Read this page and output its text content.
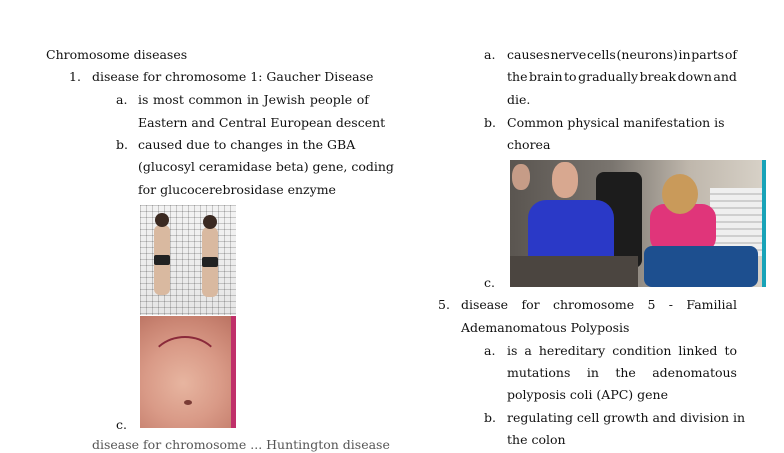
Chromosome diseases
1. disease for chromosome 1: Gaucher Disease
a. is most common in Jewish people of
Eastern and Central European descent
b. caused due to changes in the GBA
(glucosyl ceramidase beta) gene, coding
for glucocerebrosidase enzyme
c.
disease for chromosome ... Huntington disease
a. causes nerve cells (neurons) in parts of
the brain to gradually break down and
die.
b. Common physical manifestation is
chorea
c.
5. disease for chromosome 5 - Familial
Ademanomatous Polyposis
a. is a hereditary condition linked to
mutations in the adenomatous
polyposis coli (APC) gene
b. regulating cell growth and division in
the colon
